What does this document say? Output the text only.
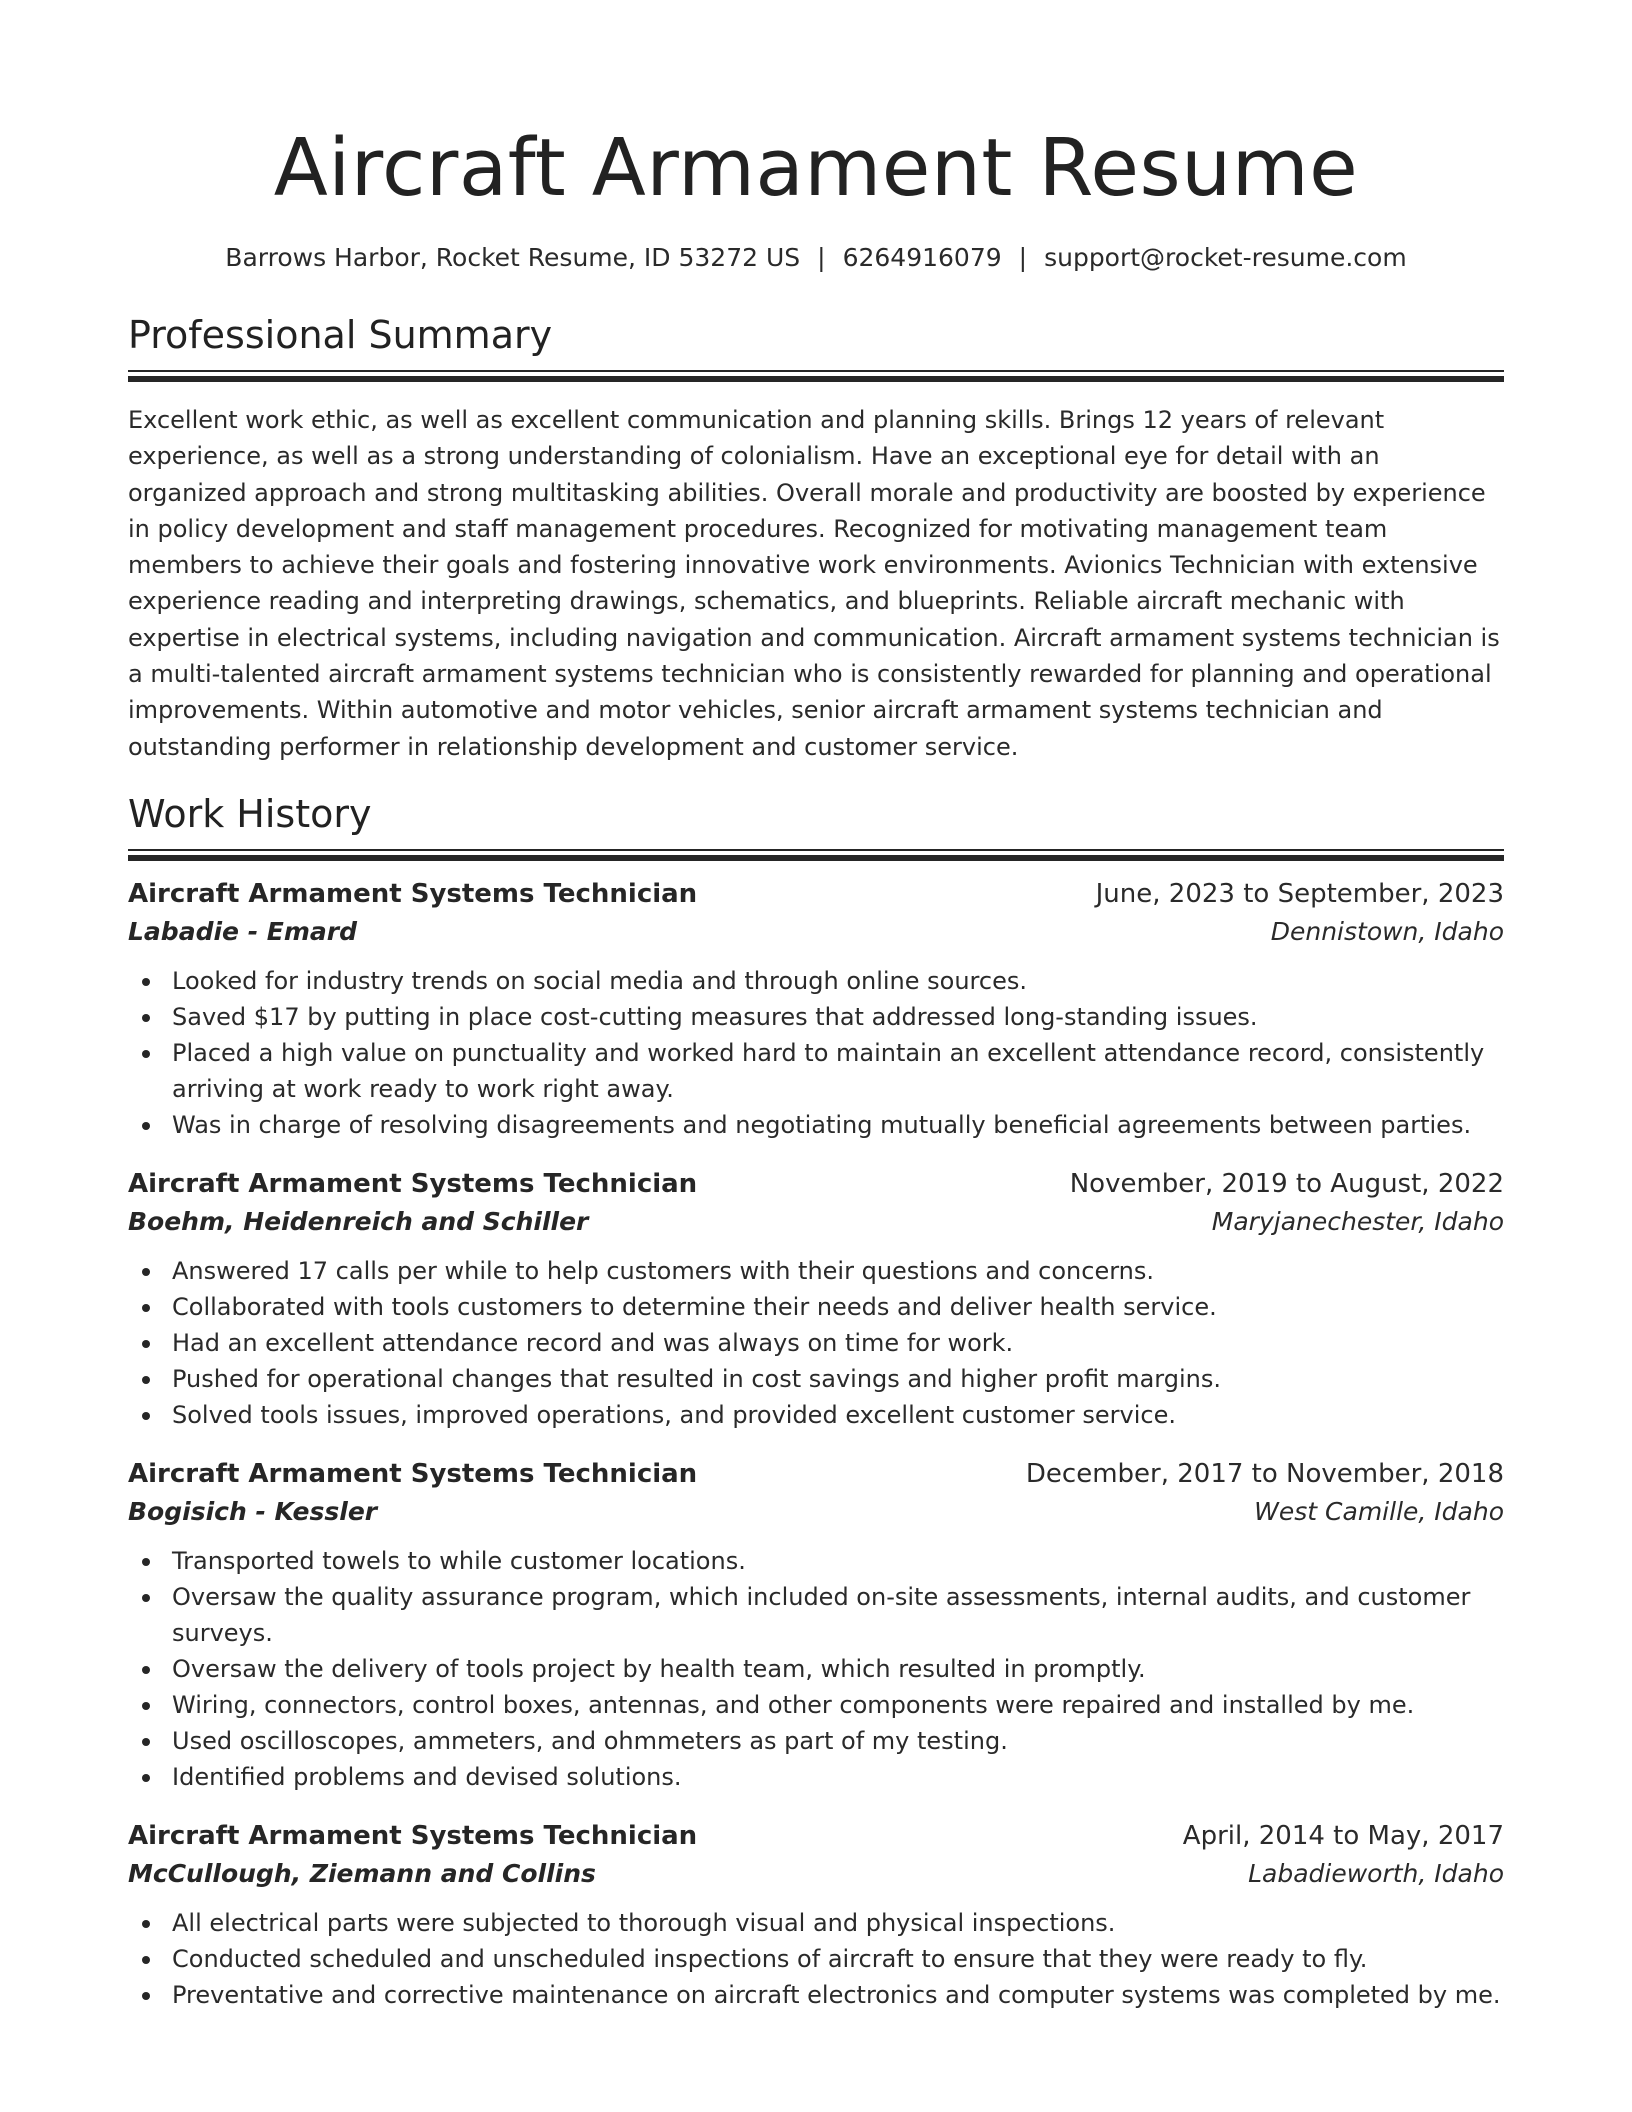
Aircraft Armament Resume
Barrows Harbor, Rocket Resume, ID 53272 US | 6264916079 | support@rocket-resume.com
Professional Summary

Excellent work ethic, as well as excellent communication and planning skills. Brings 12 years of relevant experience, as well as a strong understanding of colonialism. Have an exceptional eye for detail with an organized approach and strong multitasking abilities. Overall morale and productivity are boosted by experience in policy development and staff management procedures. Recognized for motivating management team members to achieve their goals and fostering innovative work environments. Avionics Technician with extensive experience reading and interpreting drawings, schematics, and blueprints. Reliable aircraft mechanic with expertise in electrical systems, including navigation and communication. Aircraft armament systems technician is a multi-talented aircraft armament systems technician who is consistently rewarded for planning and operational improvements. Within automotive and motor vehicles, senior aircraft armament systems technician and outstanding performer in relationship development and customer service.

Work History
Aircraft Armament Systems Technician	June, 2023 to September, 2023
Labadie - Emard	Dennistown, Idaho
Looked for industry trends on social media and through online sources.
Saved $17 by putting in place cost-cutting measures that addressed long-standing issues.
Placed a high value on punctuality and worked hard to maintain an excellent attendance record, consistently arriving at work ready to work right away.
Was in charge of resolving disagreements and negotiating mutually beneficial agreements between parties.
Aircraft Armament Systems Technician	November, 2019 to August, 2022
Boehm, Heidenreich and Schiller	Maryjanechester, Idaho
Answered 17 calls per while to help customers with their questions and concerns.
Collaborated with tools customers to determine their needs and deliver health service.
Had an excellent attendance record and was always on time for work.
Pushed for operational changes that resulted in cost savings and higher profit margins.
Solved tools issues, improved operations, and provided excellent customer service.
Aircraft Armament Systems Technician	December, 2017 to November, 2018
Bogisich - Kessler	West Camille, Idaho
Transported towels to while customer locations.
Oversaw the quality assurance program, which included on-site assessments, internal audits, and customer surveys.
Oversaw the delivery of tools project by health team, which resulted in promptly.
Wiring, connectors, control boxes, antennas, and other components were repaired and installed by me.
Used oscilloscopes, ammeters, and ohmmeters as part of my testing.
Identified problems and devised solutions.
Aircraft Armament Systems Technician	April, 2014 to May, 2017
McCullough, Ziemann and Collins	Labadieworth, Idaho
All electrical parts were subjected to thorough visual and physical inspections.
Conducted scheduled and unscheduled inspections of aircraft to ensure that they were ready to fly.
Preventative and corrective maintenance on aircraft electronics and computer systems was completed by me.
